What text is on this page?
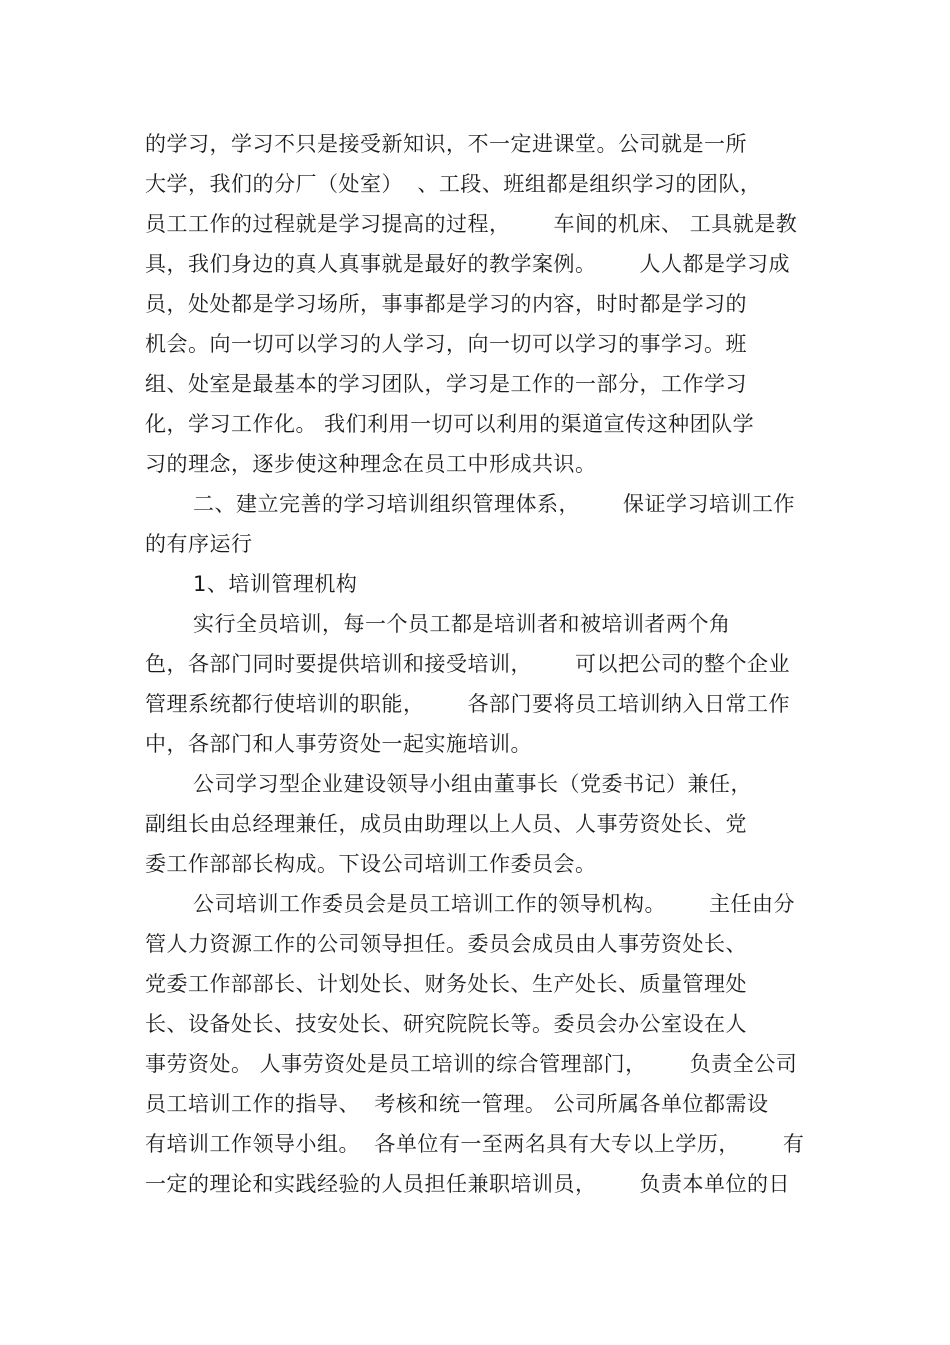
的学习，学习不只是接受新知识，不一定进课堂。公司就是一所
大学，我们的分厂（处室）  、工段、班组都是组织学习的团队，
员工工作的过程就是学习提高的过程，      车间的机床、 工具就是教
具，我们身边的真人真事就是最好的教学案例。      人人都是学习成
员，处处都是学习场所，事事都是学习的内容，时时都是学习的
机会。向一切可以学习的人学习，向一切可以学习的事学习。班
组、处室是最基本的学习团队，学习是工作的一部分，工作学习
化，学习工作化。 我们利用一切可以利用的渠道宣传这种团队学
习的理念，逐步使这种理念在员工中形成共识。
二、建立完善的学习培训组织管理体系，      保证学习培训工作
的有序运行
1、培训管理机构
实行全员培训，每一个员工都是培训者和被培训者两个角
色，各部门同时要提供培训和接受培训，      可以把公司的整个企业
管理系统都行使培训的职能，      各部门要将员工培训纳入日常工作
中，各部门和人事劳资处一起实施培训。
公司学习型企业建设领导小组由董事长（党委书记）兼任，
副组长由总经理兼任，成员由助理以上人员、人事劳资处长、党
委工作部部长构成。下设公司培训工作委员会。
公司培训工作委员会是员工培训工作的领导机构。      主任由分
管人力资源工作的公司领导担任。委员会成员由人事劳资处长、
党委工作部部长、计划处长、财务处长、生产处长、质量管理处
长、设备处长、技安处长、研究院院长等。委员会办公室设在人
事劳资处。 人事劳资处是员工培训的综合管理部门，      负责全公司
员工培训工作的指导、  考核和统一管理。 公司所属各单位都需设
有培训工作领导小组。  各单位有一至两名具有大专以上学历，      有
一定的理论和实践经验的人员担任兼职培训员，      负责本单位的日
